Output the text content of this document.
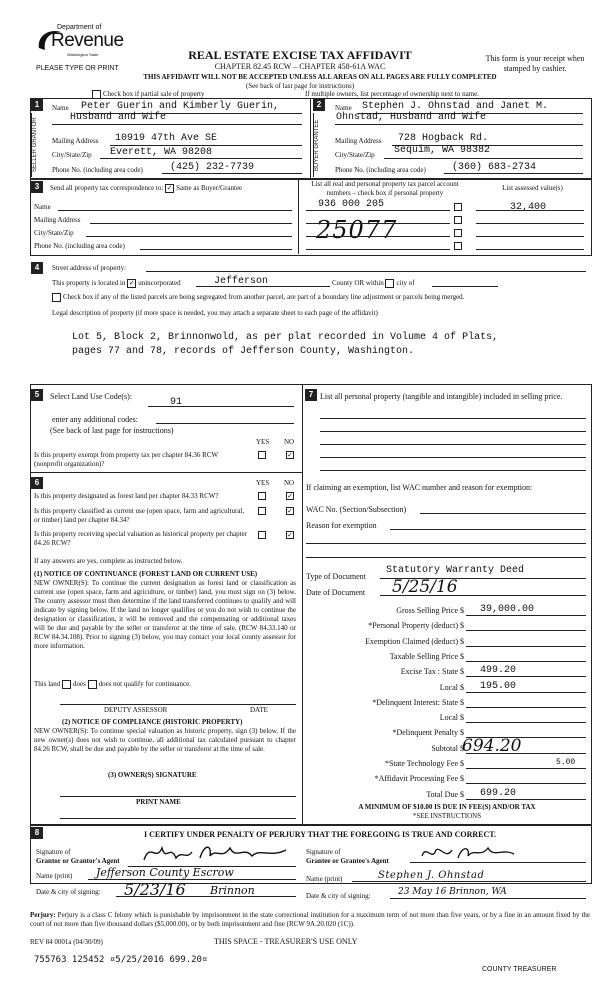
Department of
Revenue
Washington State
PLEASE TYPE OR PRINT
REAL ESTATE EXCISE TAX AFFIDAVIT
CHAPTER 82.45 RCW – CHAPTER 458-61A WAC
This form is your receipt when stamped by cashier.
THIS AFFIDAVIT WILL NOT BE ACCEPTED UNLESS ALL AREAS ON ALL PAGES ARE FULLY COMPLETED
(See back of last page for instructions)
Check box if partial sale of property	If multiple owners, list percentage of ownership next to name.
1
SELLER GRANTOR
Name Peter Guerin and Kimberly Guerin,
Husband and Wife
Mailing Address 10919 47th Ave SE
City/State/Zip Everett, WA 98208
Phone No. (including area code)	(425) 232-7739
2
BUYER GRANTEE
Name Stephen J. Ohnstad and Janet M.
Ohnstad, Husband and Wife
Mailing Address 728 Hogback Rd.
City/State/Zip Sequim, WA 98382
Phone No. (including area code)	(360) 683-2734
3	Send all property tax correspondence to: ✓ Same as Buyer/Grantee
Name
Mailing Address
City/State/Zip
Phone No. (including area code)
List all real and personal property tax parcel account numbers – check box if personal property
List assessed value(s)
936 000 205	32,400
25077
4	Street address of property:
This property is located in ✓ unincorporated	Jefferson	County OR within city of
Check box if any of the listed parcels are being segregated from another parcel, are part of a boundary line adjustment or parcels being merged.
Legal description of property (if more space is needed, you may attach a separate sheet to each page of the affidavit)
Lot 5, Block 2, Brinnonwold, as per plat recorded in Volume 4 of Plats,
pages 77 and 78, records of Jefferson County, Washington.
5	Select Land Use Code(s):
91
enter any additional codes:
(See back of last page for instructions)
YES NO
Is this property exempt from property tax per chapter 84.36 RCW (nonprofit organization)?
✓
6	YES NO
Is this property designated as forest land per chapter 84.33 RCW?	✓
Is this property classified as current use (open space, farm and agricultural, or timber) land per chapter 84.34?
✓
Is this property receiving special valuation as historical property per chapter 84.26 RCW?
✓
If any answers are yes, complete as instructed below.
(1) NOTICE OF CONTINUANCE (FOREST LAND OR CURRENT USE)
NEW OWNER(S): To continue the current designation as forest land or classification as current use (open space, farm and agriculture, or timber) land, you must sign on (3) below. The county assessor must then determine if the land transferred continues to qualify and will indicate by signing below. If the land no longer qualifies or you do not wish to continue the designation or classification, it will be removed and the compensating or additional taxes will be due and payable by the seller or transferor at the time of sale. (RCW 84.33.140 or RCW 84.34.108). Prior to signing (3) below, you may contact your local county assessor for more information.
This land does does not qualify for continuance.
DEPUTY ASSESSOR	DATE
(2) NOTICE OF COMPLIANCE (HISTORIC PROPERTY)
NEW OWNER(S): To continue special valuation as historic property, sign (3) below. If the new owner(s) does not wish to continue, all additional tax calculated pursuant to chapter 84.26 RCW, shall be due and payable by the seller or transferor at the time of sale.
(3) OWNER(S) SIGNATURE
PRINT NAME
7 List all personal property (tangible and intangible) included in selling price.
If claiming an exemption, list WAC number and reason for exemption:
WAC No. (Section/Subsection)
Reason for exemption
Type of Document
Statutory Warranty Deed
Date of Document 5/25/16
Gross Selling Price $ 39,000.00
*Personal Property (deduct) $
Exemption Claimed (deduct) $
Taxable Selling Price $
Excise Tax : State $ 499.20
Local $ 195.00
*Delinquent Interest: State $
Local $
*Delinquent Penalty $
Subtotal $
694.20
*State Technology Fee $	5.00
*Affidavit Processing Fee $
Total Due $ 699.20
A MINIMUM OF $10.00 IS DUE IN FEE(S) AND/OR TAX
*SEE INSTRUCTIONS
8	I CERTIFY UNDER PENALTY OF PERJURY THAT THE FOREGOING IS TRUE AND CORRECT.
Signature of
Grantor or Grantor's Agent
Name (print) Jefferson County Escrow
Date & city of signing: 5/23/16 Brinnon
Signature of
Grantee or Grantee's Agent
Name (print)	Stephen J. Ohnstad
Date & city of signing:	23 May 16 Brinnon, WA
Perjury: Perjury is a class C felony which is punishable by imprisonment in the state correctional institution for a maximum term of not more than five years, or by a fine in an amount fixed by the court of not more than five thousand dollars ($5,000.00), or by both imprisonment and fine (RCW 9A.20.020 (1C)).
REV 84 0001a (04/30/09)	THIS SPACE - TREASURER'S USE ONLY
755763 125452 ¤5/25/2016 699.20¤
COUNTY TREASURER
